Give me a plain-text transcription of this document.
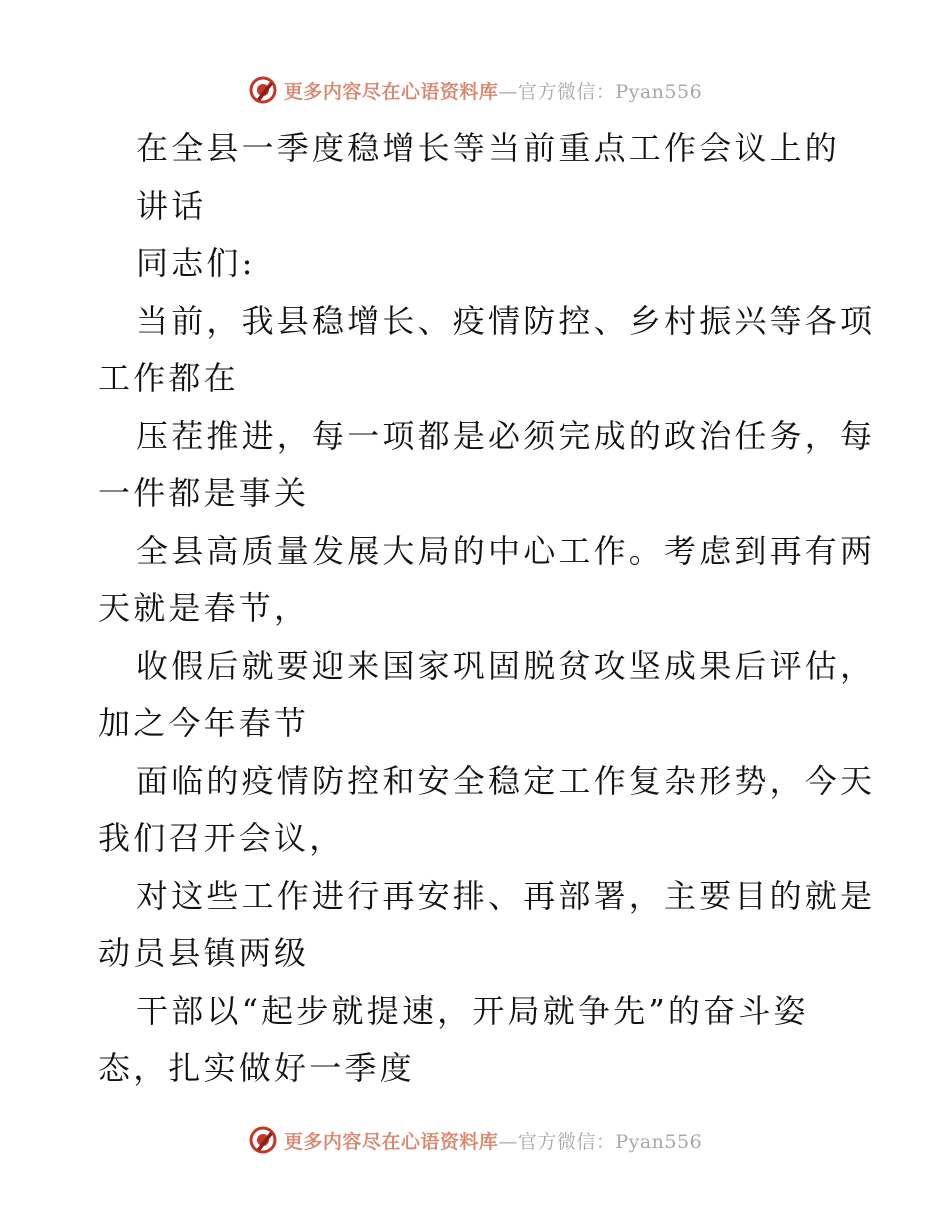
更多内容尽在心语资料库—官方微信：Pyan556
在全县一季度稳增长等当前重点工作会议上的
讲话
同志们:
当前，我县稳增长、疫情防控、乡村振兴等各项
工作都在
压茬推进，每一项都是必须完成的政治任务，每
一件都是事关
全县高质量发展大局的中心工作。考虑到再有两
天就是春节，
收假后就要迎来国家巩固脱贫攻坚成果后评估，
加之今年春节
面临的疫情防控和安全稳定工作复杂形势，今天
我们召开会议，
对这些工作进行再安排、再部署，主要目的就是
动员县镇两级
干部以“起步就提速，开局就争先”的奋斗姿
态，扎实做好一季度
更多内容尽在心语资料库—官方微信：Pyan556
